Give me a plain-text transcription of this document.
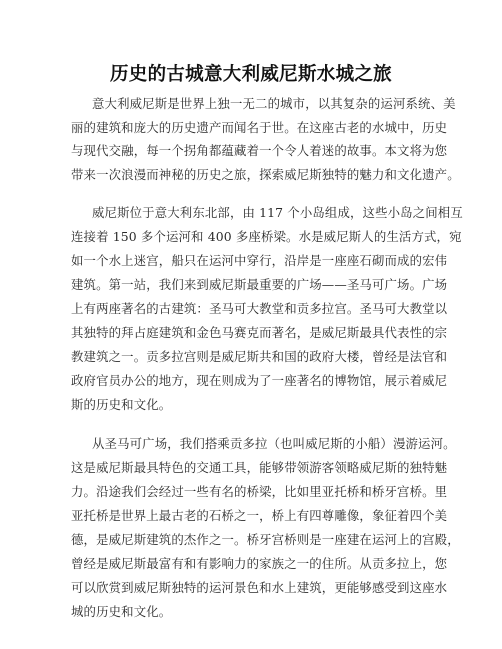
历史的古城意大利威尼斯水城之旅
意大利威尼斯是世界上独一无二的城市，以其复杂的运河系统、美
丽的建筑和庞大的历史遗产而闻名于世。在这座古老的水城中，历史
与现代交融，每一个拐角都蕴藏着一个令人着迷的故事。本文将为您
带来一次浪漫而神秘的历史之旅，探索威尼斯独特的魅力和文化遗产。
威尼斯位于意大利东北部，由 117 个小岛组成，这些小岛之间相互
连接着 150 多个运河和 400 多座桥梁。水是威尼斯人的生活方式，宛
如一个水上迷宫，船只在运河中穿行，沿岸是一座座石砌而成的宏伟
建筑。第一站，我们来到威尼斯最重要的广场——圣马可广场。广场
上有两座著名的古建筑：圣马可大教堂和贡多拉宫。圣马可大教堂以
其独特的拜占庭建筑和金色马赛克而著名，是威尼斯最具代表性的宗
教建筑之一。贡多拉宫则是威尼斯共和国的政府大楼，曾经是法官和
政府官员办公的地方，现在则成为了一座著名的博物馆，展示着威尼
斯的历史和文化。
从圣马可广场，我们搭乘贡多拉（也叫威尼斯的小船）漫游运河。
这是威尼斯最具特色的交通工具，能够带领游客领略威尼斯的独特魅
力。沿途我们会经过一些有名的桥梁，比如里亚托桥和桥牙宫桥。里
亚托桥是世界上最古老的石桥之一，桥上有四尊雕像，象征着四个美
德，是威尼斯建筑的杰作之一。桥牙宫桥则是一座建在运河上的宫殿，
曾经是威尼斯最富有和有影响力的家族之一的住所。从贡多拉上，您
可以欣赏到威尼斯独特的运河景色和水上建筑，更能够感受到这座水
城的历史和文化。
